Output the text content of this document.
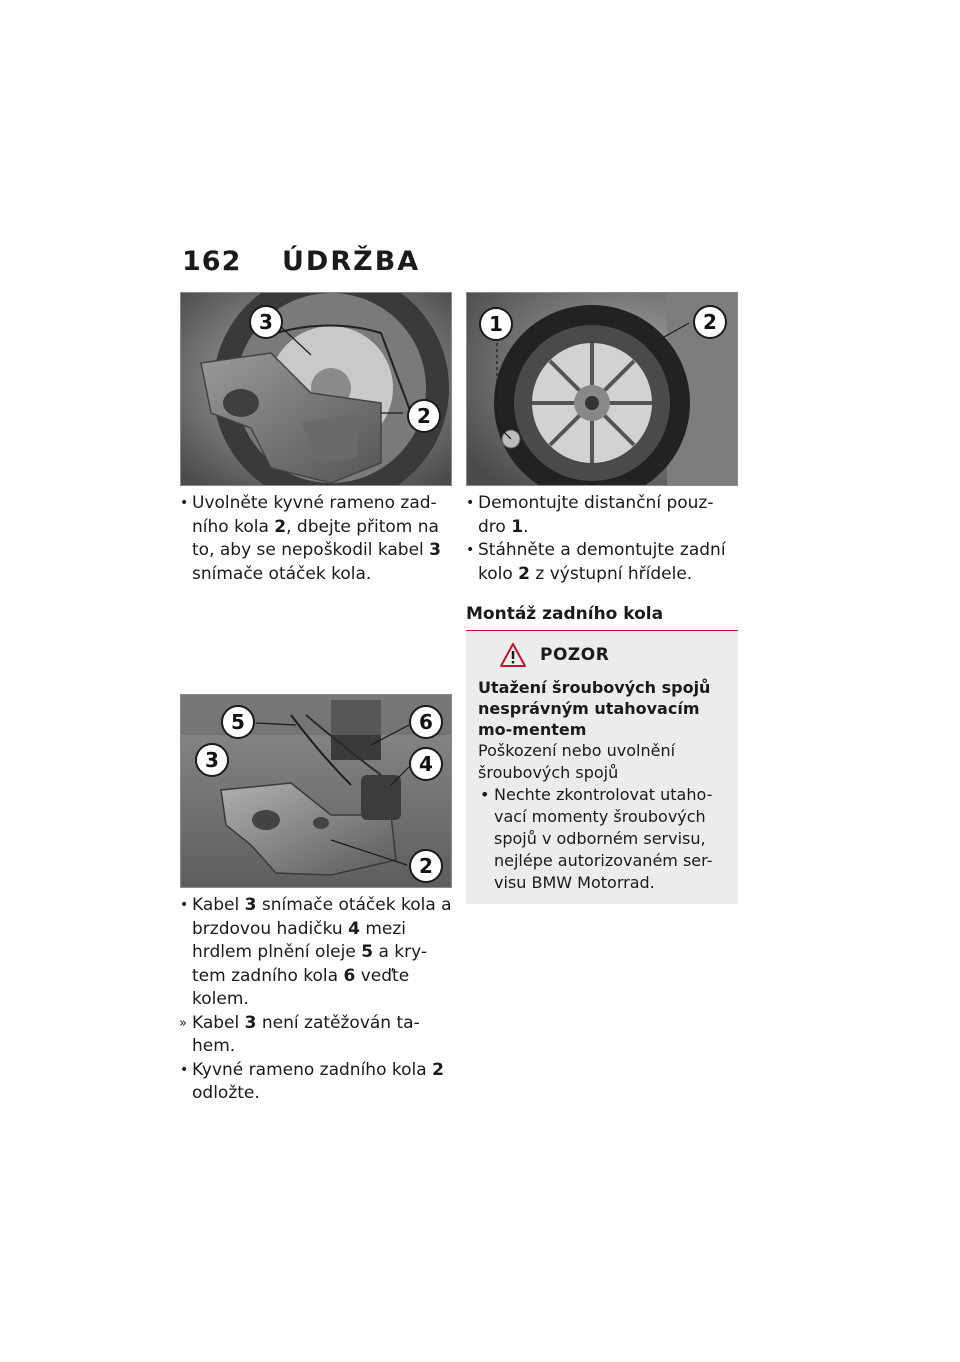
162	ÚDRŽBA
3
2
• Uvolněte kyvné rameno zad-
ního kola 2, dbejte přitom na
to, aby se nepoškodil kabel 3
snímače otáček kola.
5	6
3	4
2
• Kabel 3 snímače otáček kola a brzdovou hadičku 4 mezi hrdlem plnění oleje 5 a kry-tem zadního kola 6 veďte kolem.
» Kabel 3 není zatěžován ta-hem.
• Kyvné rameno zadního kola 2 odložte.
1	2
• Demontujte distanční pouz-dro 1.
• Stáhněte a demontujte zadní kolo 2 z výstupní hřídele.
Montáž zadního kola
POZOR
Utažení šroubových spojů nesprávným utahovacím mo-mentem
Poškození nebo uvolnění šroubových spojů
• Nechte zkontrolovat utaho-vací momenty šroubových spojů v odborném servisu, nejlépe autorizovaném ser-visu BMW Motorrad.
